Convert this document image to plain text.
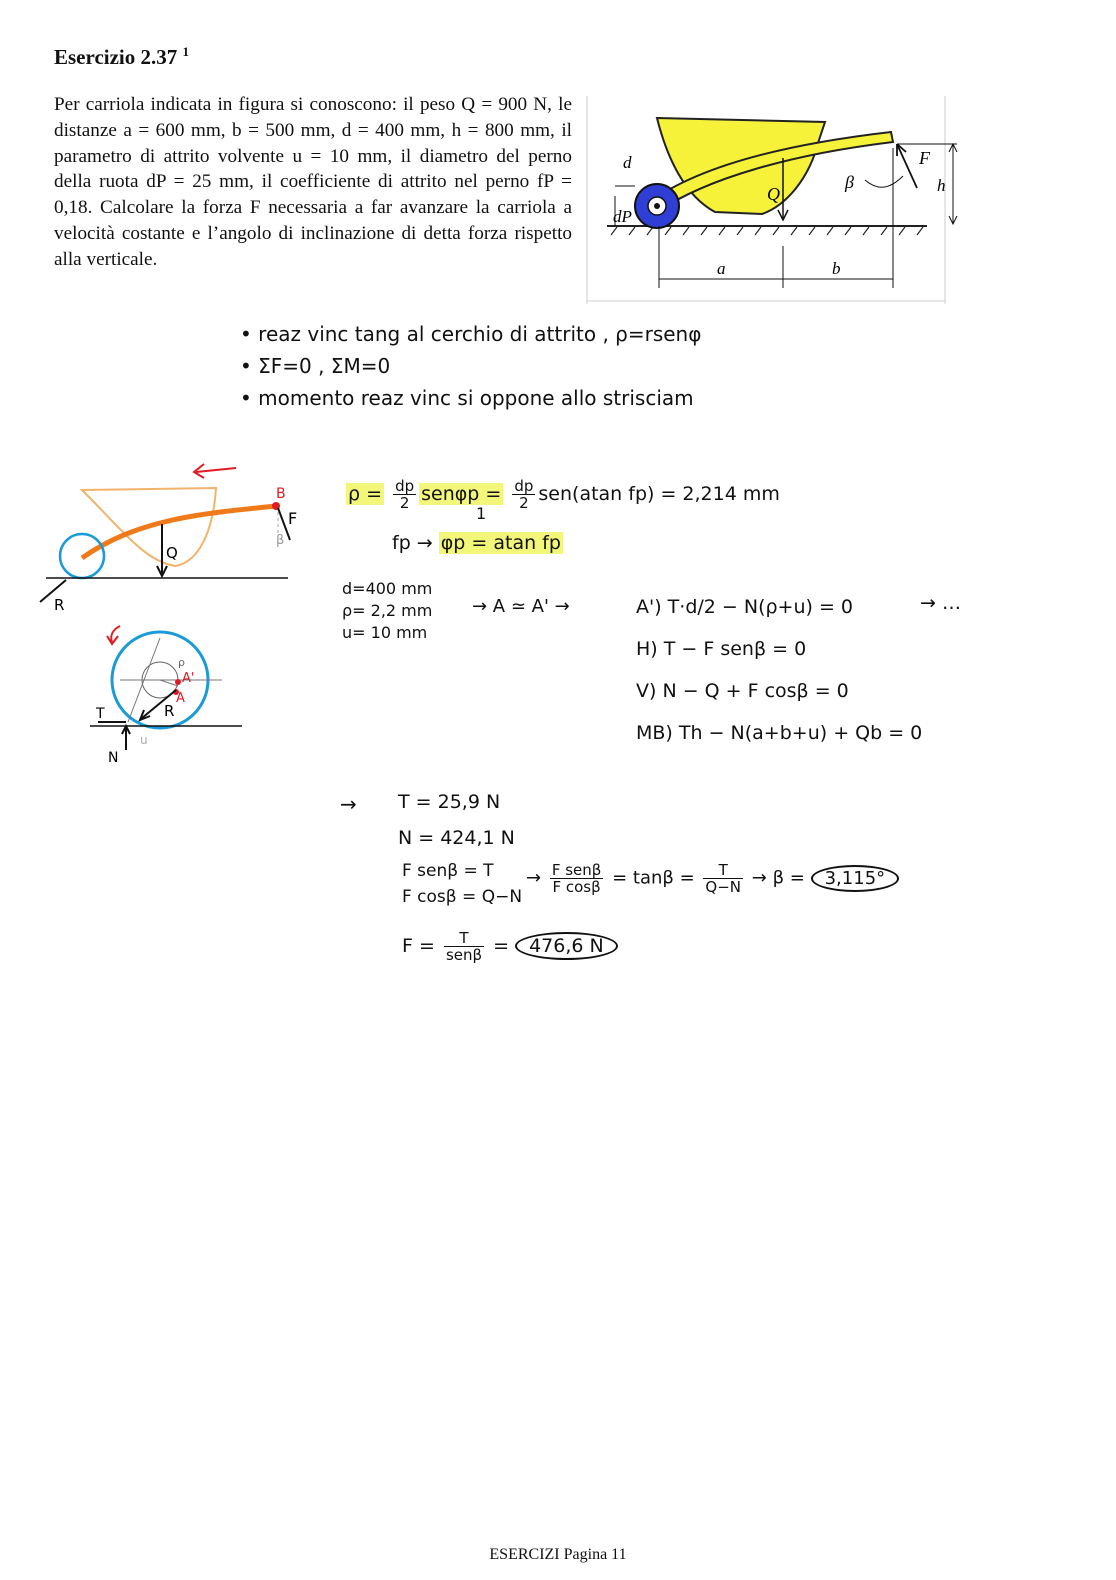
Esercizio 2.37 $^1$

Per carriola indicata in figura si conoscono: il peso Q = 900 N, le distanze a = 600 mm, b = 500 mm, d = 400 mm, h = 800 mm, il parametro di attrito volvente u = 10 mm, il diametro del perno della ruota dP = 25 mm, il coefficiente di attrito nel perno fP = 0,18. Calcolare la forza F necessaria a far avanzare la carriola a velocità costante e l’angolo di inclinazione di detta forza rispetto alla verticale.

d
dP
Q
β
F
h
a	b
• reaz vinc tang al cerchio di attrito , ρ=rsenφ
• ΣF=0 , ΣM=0
• momento reaz vinc si oppone allo strisciam
B
F
β
Q
R
ρ
A'
A
R
T
N
u
$\rho = \frac{dp}{2}$ $sen\varphi p = \frac{dp}{2} sen(atan$ fp) = 2,214 mm
1
fp → φp = atan fp
d=400 mm
ρ= 2,2 mm
u= 10 mm
→ A ≃ A' →	A') T·d/2 − N(ρ+u) = 0
H) T − F senβ = 0
V) N − Q + F cosβ = 0
MB) Th − N(a+b+u) + Qb = 0
→ …
→ T = 25,9 N
N = 424,1 N
F senβ = T
F cosβ = Q−N
→ F senβ
F $\cos\beta = \tan\beta = \frac{T}{Q-N} \to \beta = 3,115^\circ$
F =	T
senβ = 476,6 N
ESERCIZI Pagina 11
